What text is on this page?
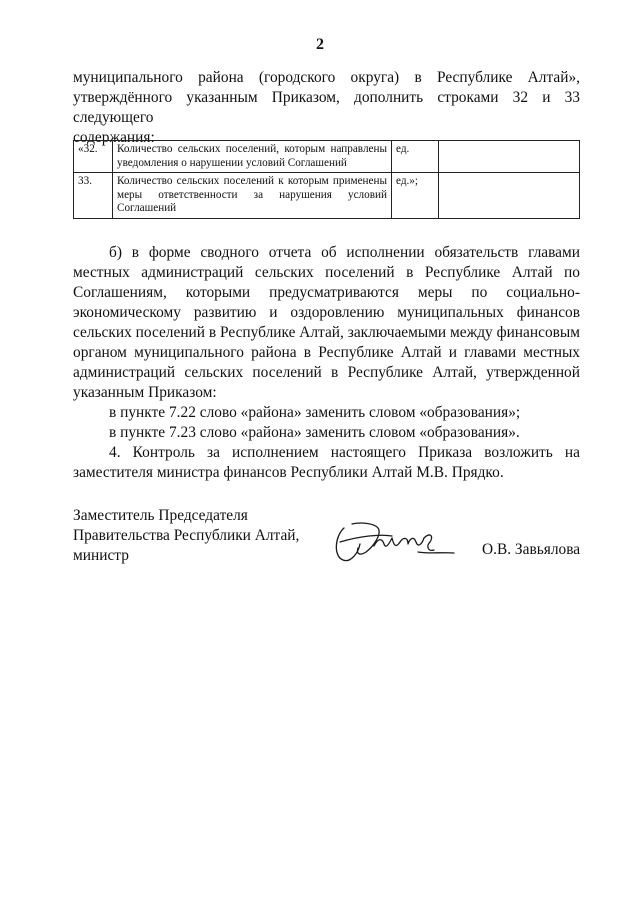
2
муниципального района (городского округа) в Республике Алтай»,
утверждённого указанным Приказом, дополнить строками 32 и 33 следующего
содержания:
«32.	Количество сельских поселений, которым направлены уведомления о нарушении условий Соглашений	ед.	
33.	Количество сельских поселений к которым применены меры ответственности за нарушения условий Соглашений	ед.»;	
б) в форме сводного отчета об исполнении обязательств главами
местных администраций сельских поселений в Республике Алтай по
Соглашениям, которыми предусматриваются меры по социально-
экономическому развитию и оздоровлению муниципальных финансов
сельских поселений в Республике Алтай, заключаемыми между финансовым
органом муниципального района в Республике Алтай и главами местных
администраций сельских поселений в Республике Алтай, утвержденной
указанным Приказом:

в пункте 7.22 слово «района» заменить словом «образования»;

в пункте 7.23 слово «района» заменить словом «образования».

4. Контроль за исполнением настоящего Приказа возложить на
заместителя министра финансов Республики Алтай М.В. Прядко.
Заместитель Председателя
Правительства Республики Алтай,
министр	О.В. Завьялова
